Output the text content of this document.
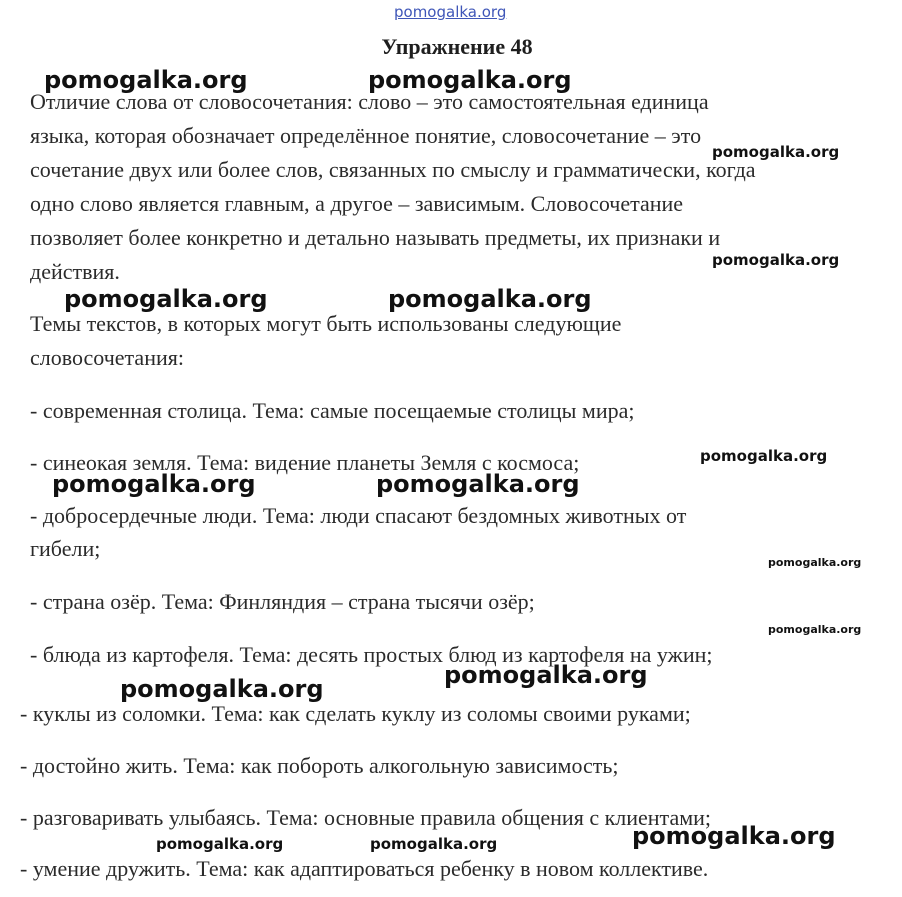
pomogalka.org
Упражнение 48
Отличие слова от словосочетания: слово – это самостоятельная единица
языка, которая обозначает определённое понятие, словосочетание – это
сочетание двух или более слов, связанных по смыслу и грамматически, когда
одно слово является главным, а другое – зависимым. Словосочетание
позволяет более конкретно и детально называть предметы, их признаки и
действия.
Темы текстов, в которых могут быть использованы следующие
словосочетания:
- современная столица. Тема: самые посещаемые столицы мира;
- синеокая земля. Тема: видение планеты Земля с космоса;
- добросердечные люди. Тема: люди спасают бездомных животных от
гибели;
- страна озёр. Тема: Финляндия – страна тысячи озёр;
- блюда из картофеля. Тема: десять простых блюд из картофеля на ужин;
- куклы из соломки. Тема: как сделать куклу из соломы своими руками;
- достойно жить. Тема: как побороть алкогольную зависимость;
- разговаривать улыбаясь. Тема: основные правила общения с клиентами;
- умение дружить. Тема: как адаптироваться ребенку в новом коллективе.
pomogalka.org	pomogalka.org
pomogalka.org
pomogalka.org
pomogalka.org	pomogalka.org
pomogalka.org
pomogalka.org	pomogalka.org
pomogalka.org
pomogalka.org
pomogalka.org
pomogalka.org
pomogalka.org
pomogalka.org	pomogalka.org
